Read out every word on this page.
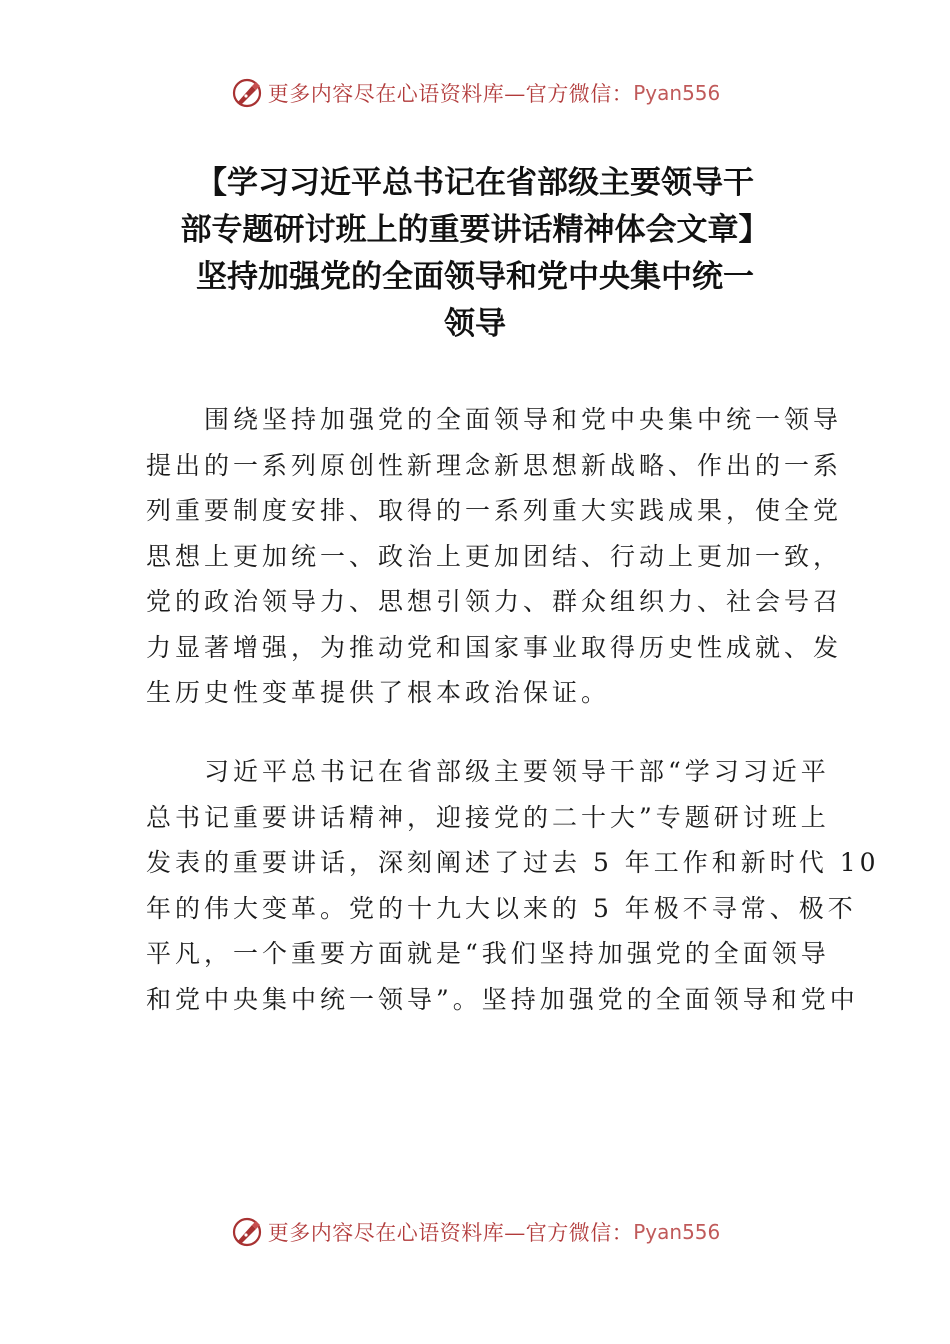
更多内容尽在心语资料库—官方微信： Pyan556
【学习习近平总书记在省部级主要领导干
部专题研讨班上的重要讲话精神体会文章】
坚持加强党的全面领导和党中央集中统一
领导
围绕坚持加强党的全面领导和党中央集中统一领导
提出的一系列原创性新理念新思想新战略、作出的一系
列重要制度安排、取得的一系列重大实践成果，使全党
思想上更加统一、政治上更加团结、行动上更加一致，
党的政治领导力、思想引领力、群众组织力、社会号召
力显著增强，为推动党和国家事业取得历史性成就、发
生历史性变革提供了根本政治保证。
习近平总书记在省部级主要领导干部“学习习近平
总书记重要讲话精神，迎接党的二十大”专题研讨班上
发表的重要讲话，深刻阐述了过去 5 年工作和新时代 10
年的伟大变革。党的十九大以来的 5 年极不寻常、极不
平凡，一个重要方面就是“我们坚持加强党的全面领导
和党中央集中统一领导”。坚持加强党的全面领导和党中
更多内容尽在心语资料库—官方微信： Pyan556
